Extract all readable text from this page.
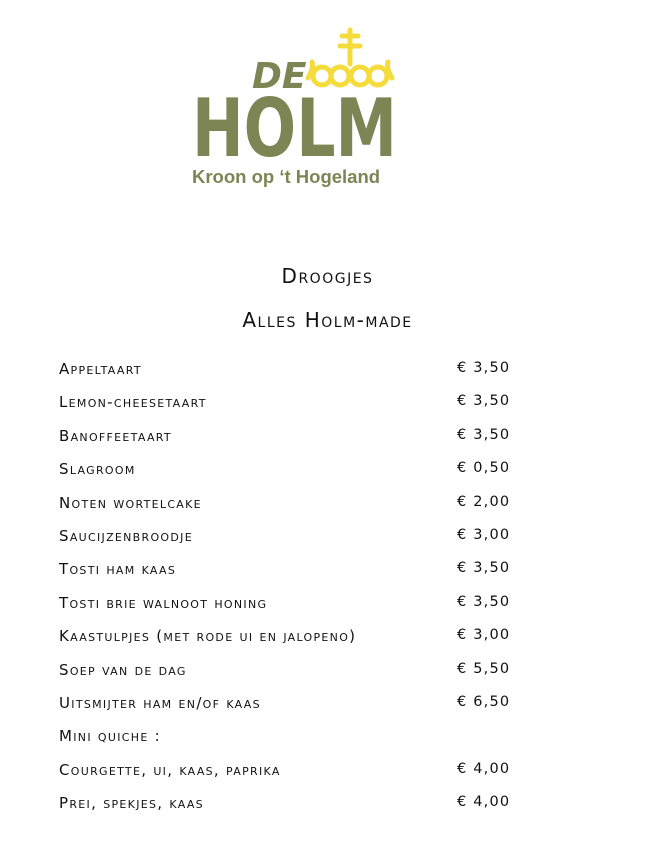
DE
HOLM
Kroon op ‘t Hogeland
Droogjes
Alles Holm-made
Appeltaart	€ 3,50
Lemon-cheesetaart	€ 3,50
Banoffeetaart	€ 3,50
Slagroom	€ 0,50
Noten wortelcake	€ 2,00
Saucijzenbroodje	€ 3,00
Tosti ham kaas	€ 3,50
Tosti brie walnoot honing	€ 3,50
Kaastulpjes (met rode ui en jalopeno)	€ 3,00
Soep van de dag	€ 5,50
Uitsmijter ham en/of kaas	€ 6,50
Mini quiche :
Courgette, ui, kaas, paprika	€ 4,00
Prei, spekjes, kaas	€ 4,00
